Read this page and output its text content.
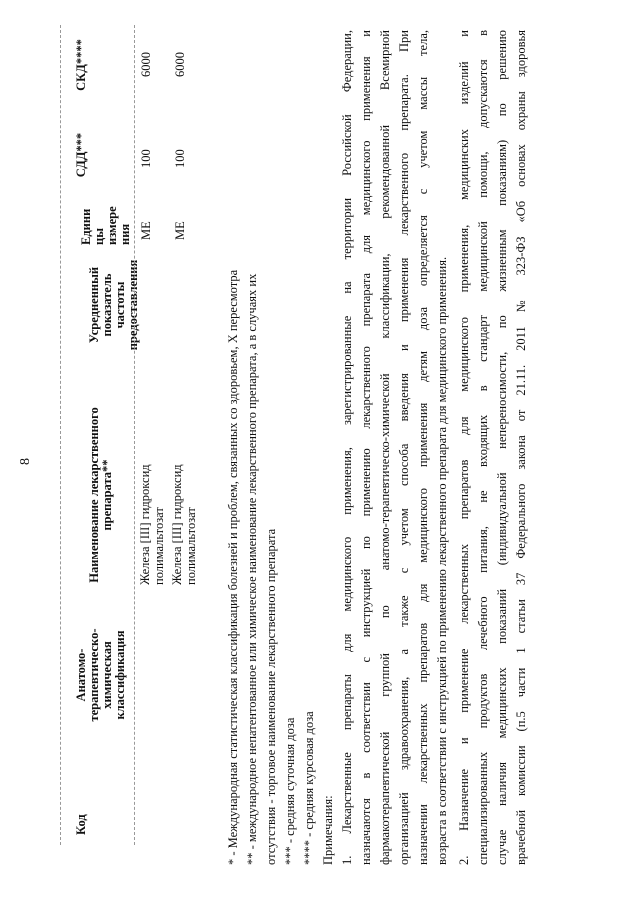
8
Код
Анатомо- терапевтическо- химическая классификация
Наименование лекарственного препарата**
Усредненный показатель частоты предоставления
Едини цы измере ния
СДД***
СКД****
Железа [III] гидроксид полимальтозат
МЕ
100
6000
Железа [III] гидроксид полимальтозат
МЕ
100
6000
* - Международная статистическая классификация болезней и проблем, связанных со здоровьем, X пересмотра ** - международное непатентованное или химическое наименование лекарственного препарата, а в случаях их отсутствия - торговое наименование лекарственного препарата *** - средняя суточная доза **** - средняя курсовая доза Примечания: 1. Лекарственные препараты для медицинского применения, зарегистрированные на территории Российской Федерации, назначаются в соответствии с инструкцией по применению лекарственного препарата для медицинского применения и фармакотерапевтической группой по анатомо-терапевтическо-химической классификации, рекомендованной Всемирной организацией здравоохранения, а также с учетом способа введения и применения лекарственного препарата. При назначении лекарственных препаратов для медицинского применения детям доза определяется с учетом массы тела, возраста в соответствии с инструкцией по применению лекарственного препарата для медицинского применения. 2. Назначение и применение лекарственных препаратов для медицинского применения, медицинских изделий и специализированных продуктов лечебного питания, не входящих в стандарт медицинской помощи, допускаются в случае наличия медицинских показаний (индивидуальной непереносимости, по жизненным показаниям) по решению врачебной комиссии (п.5 части 1 статьи 37 Федерального закона от 21.11. 2011 № 323-ФЗ «Об основах охраны здоровья
